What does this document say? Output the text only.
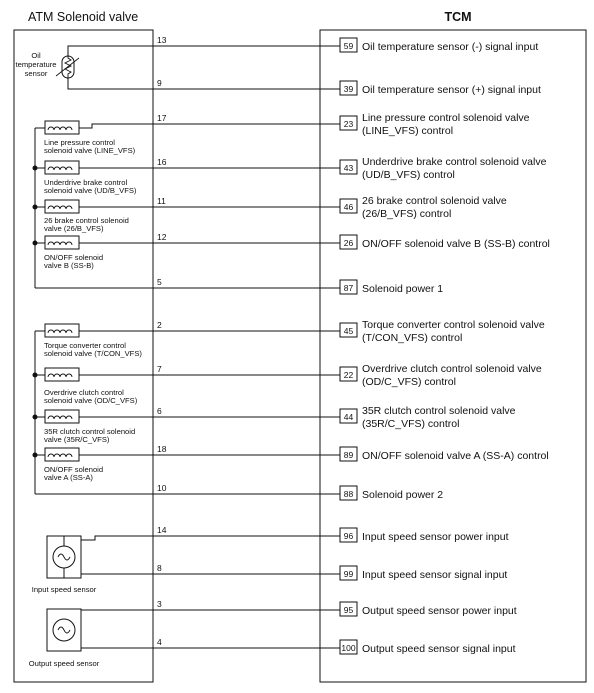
ATM Solenoid valve	TCM
Oil
temperature
sensor
Line pressure control
solenoid valve (LINE_VFS)
Underdrive brake control
solenoid valve (UD/B_VFS)
26 brake control solenoid
valve (26/B_VFS)
ON/OFF solenoid
valve B (SS-B)
Torque converter control
solenoid valve (T/CON_VFS)
Overdrive clutch control
solenoid valve (OD/C_VFS)
35R clutch control solenoid
valve (35R/C_VFS)
ON/OFF solenoid
valve A (SS-A)
Input speed sensor
Output speed sensor
13
59 Oil temperature sensor (-) signal input
9
39 Oil temperature sensor (+) signal input
17
23 Line pressure control solenoid valve
(LINE_VFS) control
16
43 Underdrive brake control solenoid valve
(UD/B_VFS) control
11
46 26 brake control solenoid valve
(26/B_VFS) control
12
26 ON/OFF solenoid valve B (SS-B) control
5
87 Solenoid power 1
2
45 Torque converter control solenoid valve
(T/CON_VFS) control
7
22 Overdrive clutch control solenoid valve
(OD/C_VFS) control
6
44 35R clutch control solenoid valve
(35R/C_VFS) control
18
89 ON/OFF solenoid valve A (SS-A) control
10
88 Solenoid power 2
14
96 Input speed sensor power input
8
99 Input speed sensor signal input
3
95 Output speed sensor power input
4
100 Output speed sensor signal input
